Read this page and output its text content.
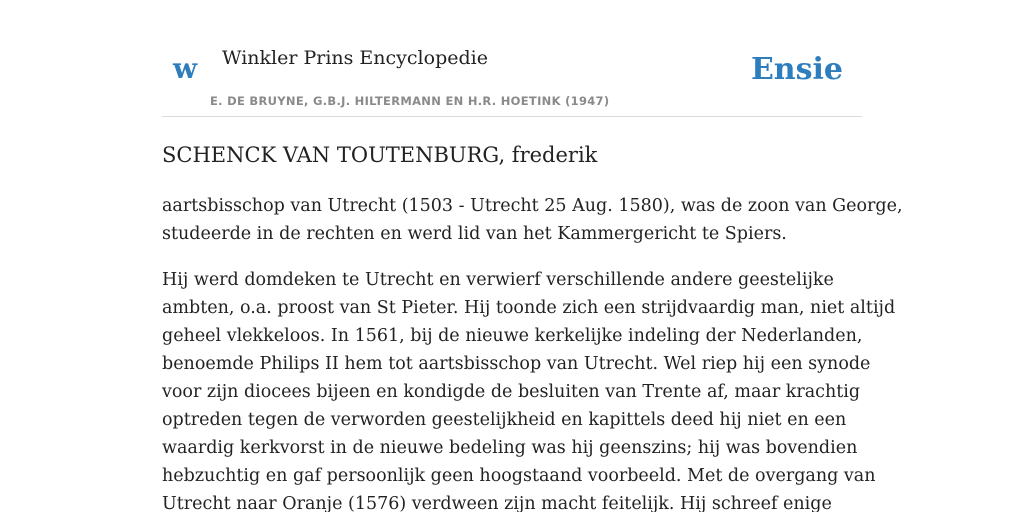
w Winkler Prins Encyclopedie
E. DE BRUYNE, G.B.J. HILTERMANN EN H.R. HOETINK (1947)
Ensie
SCHENCK VAN TOUTENBURG, frederik

aartsbisschop van Utrecht (1503 - Utrecht 25 Aug. 1580), was de zoon van George,
studeerde in de rechten en werd lid van het Kammergericht te Spiers.

Hij werd domdeken te Utrecht en verwierf verschillende andere geestelijke
ambten, o.a. proost van St Pieter. Hij toonde zich een strijdvaardig man, niet altijd
geheel vlekkeloos. In 1561, bij de nieuwe kerkelijke indeling der Nederlanden,
benoemde Philips II hem tot aartsbisschop van Utrecht. Wel riep hij een synode
voor zijn diocees bijeen en kondigde de besluiten van Trente af, maar krachtig
optreden tegen de verworden geestelijkheid en kapittels deed hij niet en een
waardig kerkvorst in de nieuwe bedeling was hij geenszins; hij was bovendien
hebzuchtig en gaf persoonlijk geen hoogstaand voorbeeld. Met de overgang van
Utrecht naar Oranje (1576) verdween zijn macht feitelijk. Hij schreef enige
